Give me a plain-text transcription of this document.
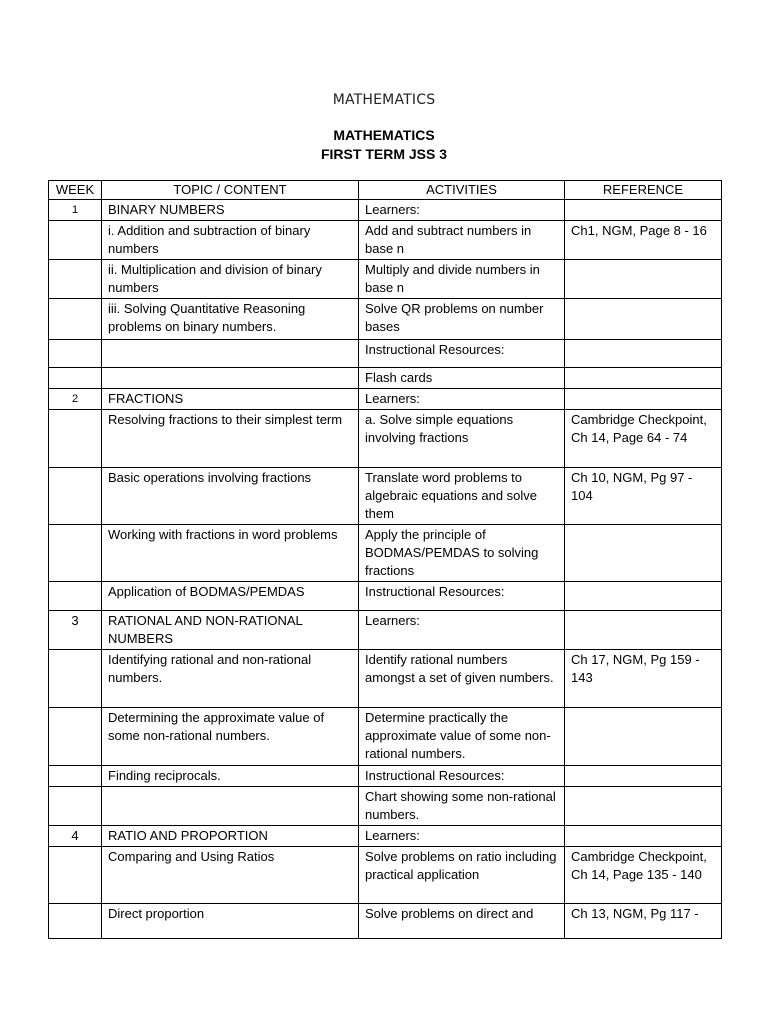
MATHEMATICS
MATHEMATICS
FIRST TERM JSS 3
WEEK	TOPIC / CONTENT	ACTIVITIES	REFERENCE
1	BINARY NUMBERS	Learners:	
	i. Addition and subtraction of binary numbers	Add and subtract numbers in base n	Ch1, NGM, Page 8 - 16
	ii. Multiplication and division of binary numbers	Multiply and divide numbers in base n	
	iii. Solving Quantitative Reasoning problems on binary numbers.	Solve QR problems on number bases	
		Instructional Resources:	
		Flash cards	
2	FRACTIONS	Learners:	
	Resolving fractions to their simplest term	a. Solve simple equations involving fractions	Cambridge Checkpoint, Ch 14, Page 64 - 74
	Basic operations involving fractions	Translate word problems to algebraic equations and solve them	Ch 10, NGM, Pg 97 - 104
	Working with fractions in word problems	Apply the principle of BODMAS/PEMDAS to solving fractions	
	Application of BODMAS/PEMDAS	Instructional Resources:	
3	RATIONAL AND NON-RATIONAL NUMBERS	Learners:	
	Identifying rational and non-rational numbers.	Identify rational numbers amongst a set of given numbers.	Ch 17, NGM, Pg 159 - 143
	Determining the approximate value of some non-rational numbers.	Determine practically the approximate value of some non-rational numbers.	
	Finding reciprocals.	Instructional Resources:	
		Chart showing some non-rational numbers.	
4	RATIO AND PROPORTION	Learners:	
	Comparing and Using Ratios	Solve problems on ratio including practical application	Cambridge Checkpoint, Ch 14, Page 135 - 140
	Direct proportion	Solve problems on direct and	Ch 13, NGM, Pg 117 -
